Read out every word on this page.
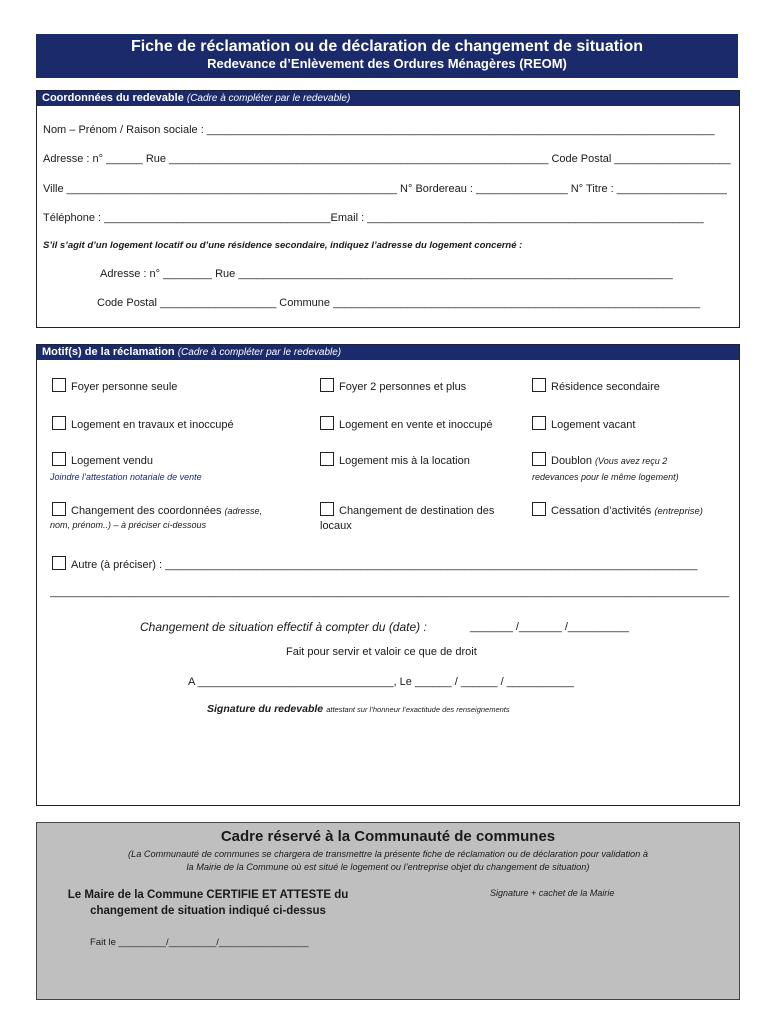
Fiche de réclamation ou de déclaration de changement de situation
Redevance d’Enlèvement des Ordures Ménagères (REOM)
Coordonnées du redevable (Cadre à compléter par le redevable)
Nom – Prénom / Raison sociale : ___________________________________________________________________________________
Adresse : n° ______ Rue ______________________________________________________________ Code Postal ___________________
Ville ______________________________________________________ N° Bordereau : _______________ N° Titre : __________________
Téléphone : _____________________________________Email : _______________________________________________________
S’il s’agit d’un logement locatif ou d’une résidence secondaire, indiquez l’adresse du logement concerné :
Adresse : n° ________ Rue _______________________________________________________________________
Code Postal ___________________ Commune ____________________________________________________________
Motif(s) de la réclamation (Cadre à compléter par le redevable)
Foyer personne seule	Foyer 2 personnes et plus	Résidence secondaire
Logement en travaux et inoccupé	Logement en vente et inoccupé	Logement vacant
Logement vendu
Joindre l’attestation notariale de vente
Logement mis à la location	Doublon (Vous avez reçu 2
redevances pour le même logement)
Changement des coordonnées (adresse,
nom, prénom..) – à préciser ci-dessous
Changement de destination des
locaux
Cessation d’activités (entreprise)
Autre (à préciser) : _______________________________________________________________________________________
_______________________________________________________________________________________________________________
Changement de situation effectif à compter du (date) :	_______ /_______ /__________
Fait pour servir et valoir ce que de droit
A ________________________________, Le ______ / ______ / ___________
Signature du redevable attestant sur l’honneur l’exactitude des renseignements
Cadre réservé à la Communauté de communes
(La Communauté de communes se chargera de transmettre la présente fiche de réclamation ou de déclaration pour validation à
la Mairie de la Commune où est situé le logement ou l’entreprise objet du changement de situation)
Le Maire de la Commune CERTIFIE ET ATTESTE du
changement de situation indiqué ci-dessus
Signature + cachet de la Mairie
Fait le _________/_________/_________________
